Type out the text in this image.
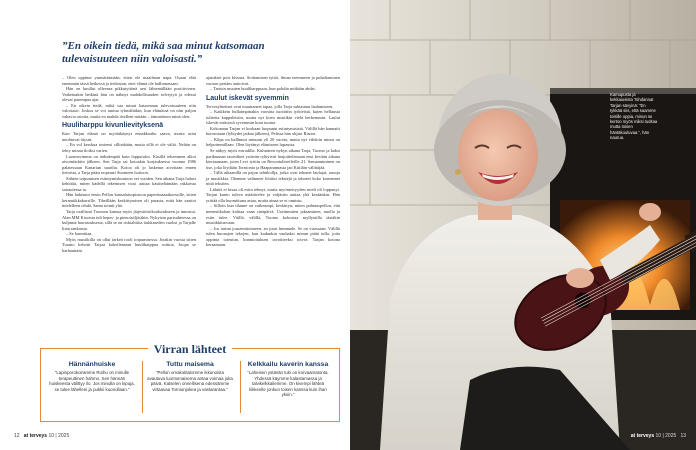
”En oikein tiedä, mikä saa minut katsomaan tulevaisuuteen niin valoisasti.”

– Olen oppinut ymmärtämään, etten ole maailman napa. Osaan elää enemmän tässä hetkessä ja tiedostan, ettei elämä ole hallinnassani.

Hän on kuullut olleensa pikkutyttönä aeri lähtemällään positiivinen. Vaikeinakin hetkinä hän on nähnyt mahdollisuuden selviytyä ja edessä olevat parempaa ajat.

– En oikein tiedä, mikä saa minut katsomaan tulevaisuuteen niin valoisasti. Joskus se voi tuntua tyhmältäkin, kun elämässä on niin paljon vakavia asioita, mutta en mahda itselleni mitään – tämmöinen minä olen.

Huuliharppu kivunlievityksenä

Kun Tarjan elämä on myötäkäynyt ennakkoahu saava, musta asiat unohtuvat täysin.

– En vol kerskua tosiensi sillonkään, mutta sillä ei ole väliä. Nehän on tehty minua iloiksi varten.

Luomisvimma on tärkeämpää kuin lopputulos. Käsillä tekeminen alkoi aivoinfarktin jälkeen. Sen Tarja sai kotoakin korjauksessa vuonna 1986 palatessaan Kanarian saarilta. Kotoa oli jo lasketun aivoitaan ennen tietoista, a Tarja pääsi nopeasti Suomeen hoitoon.

Siihien toipumisen esiintymiskuntoon vei vuoden. Sen aikana Tarja halusi kehittää, miten kädellä tekemisen voisi auttaa käsitteltämään rakkavaa sairautensa ta.

Hän hakeutui ensin Pellon kansalaisopistoon paperiinaasakurssille, sitten keramiikkakursille. Tiheillään keskittymisen oli parasta, mitä hän saattoi mielelleen tehdä, Sama toimii yhä.

Tarja osallistui Tuomon kanssa myös järjestöisökoulutukseen ja innostui. Alan MM Kisoista tuli hepes- ja pienoisöljäsihin. Nykyisin parisuhteessa on kuljunut harrastuksesta, sillä se on riskialttiita tiukkaseden vuoksi ja Tarjalle liian rankaista.

– Se harmittaa.

Myös musiikilla on ollut tärkeä rooli toipumisessa. Jotakin vuosia sitten Tuomo kehotti Tarjaa kokeilemaan huuliharppua soittoa. Joopa se harhauttaisi

ajatukset pois kivusta. Soittamisen tyttöi, ilman teemmeen ja puhaltaminen vuoron periäm auttoivat.

– Tartuin muuten huuliharppuun, kun pohdin mitkään ahdat.

Laulut iskevät syvemmin

Tervesyhteitset ovat muuttaneet tapaa, jolla Tarja suhtautuu laulamiseen.

– Kaikkein hullaimpinakin vuosina tuosittiin työtteistä, kuten hellausta tulitetta kappaleisiin, mutta nyt koen musiikin vielä herkemmin. Laulut iskevät entisestä syvemmin kuin tuoma.

Kokonaan Tarjan ei koskaan luopunut esiintymisistä. Välillä hän kannatti kuorostaan (lyhiydet jatkaa jälkeen), Pelissa hän ohjasi Ristan.

– Kilpa on hallinnut minuun yli 20 vuotta, mutta nyt vihdoin minut on helpoimmillaan. Olen löytänyt elämiseen lupausta.

Se näkyy myös estradilla. Kulunteen nykyn aikana Tarja, Tuomo ja kaksi parikunnan tasaväkeä ystävän ryhtyivät harjoittelemaan ensi kevään aikana kiertaamaan, joten Levi tyttiin on Revontulitreffeille 21. Samanniminen on itse, joka löydään Tornionta ja Haaparannasta jan Kittilän välittäjää.

– Tällä aikaanillä on pajon tahtikollja, jotka ovat tehneet laulujat, runoja ja musiikkia. Olemme valinneet löitäisi tekstejä ja tehneet koko komennet niitä tekstien.

Lähtöä ei kisaa oli esiin tehnyt, mutta myönteisyyden mieli oli loppunyt. Tarjan kunto tuleva määrittelee ja valjäsiin auttaa yhä kesäänkin. Hän yrittää olla huomittuna asiaa, mutta ainaa se ei onnistu.

– Silloin kun tilanne on vaikeampi, keskittyn, miten puhtauspellon, että menestikohan kohtaa vaan sinäpäivä. Useimmiten jaksaminen, nuolla ja esiin tulee. Väillä, välillä, Tuomo kokostaa myllytailla tästäkin musiikkitarvaan.

– Jos tartun jouseenitoimeen, en juuri hinnmale. Se on virassaan. Välillä tulen huonojen tekojen, kun kadunkin vanhaksi minun pitää tulla, jotta oppinta toteutun, kunnioituksen tavoitteeksi toivot. Tarjan kotona keraamaan.

Virran lähteet
Hännänhuiske

”Lapinporokoiramme Roihu on minulle terapeuttinen hahmo. Sen hännän huiskeesta välittyy ilo. Jos minulla on kipuja, se tulee lähelleni ja pukkii kuonollaan.”

Tuttu maisema

”Pellon omakotitalomme ikkunoista avautuva luontomaisema antaa voimaa joka päivä. Katselen onnellisena edessämme virtaavaa Tornionjokea ja vastarantaa.”

Kelkkailu kaverin kanssa

”Laheisen ystävän tuki on korvaamatonta. Yhdessä käymme kalastamassa ja talvikelkkailemme. On kivempi lähteä liikkeelle jonkun toisen kanssa kuin ihan yksin.”

12 at terveys 10 | 2025
Kamupusta ja kekkaiusista Tohdannat Tarjan sävyinä: ”En tykkää siis, että saamme toisille oppia, minun se kertoo myös miksi tuoltaa mutta toisen häntäkuuluvaa.”, hän naurua.
at terveys 10 | 2025 13
